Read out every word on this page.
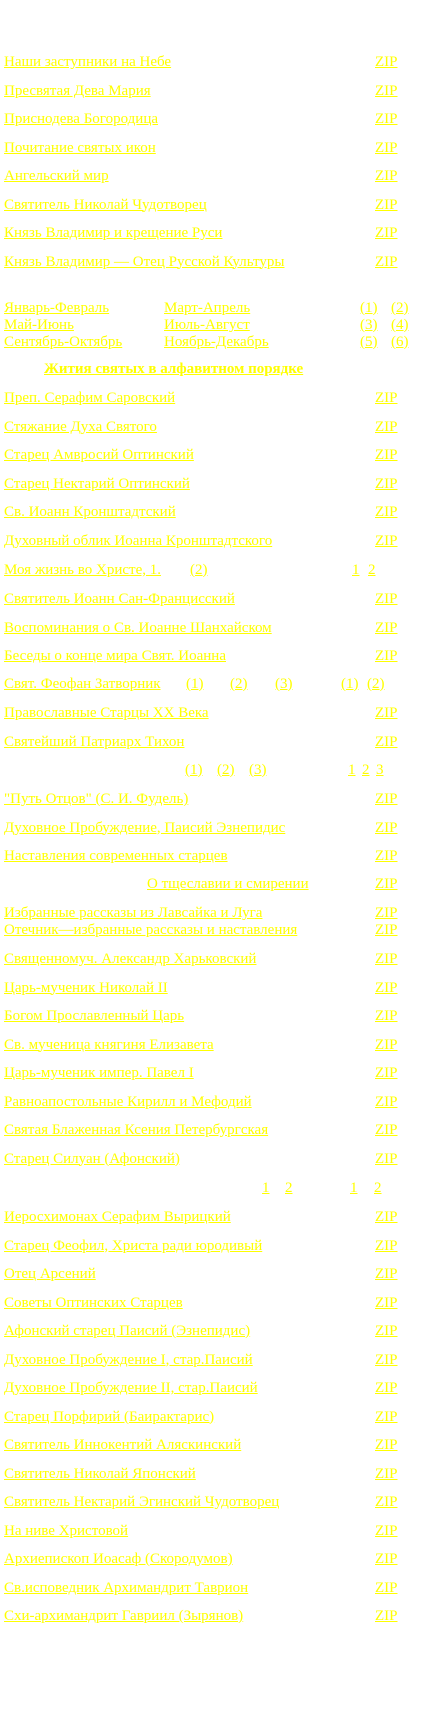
Наши заступники на Небе	ZIP
Пресвятая Дева Мария	ZIP
Приснодева Богородица	ZIP
Почитание святых икон	ZIP
Ангельский мир	ZIP
Святитель Николай Чудотворец	ZIP
Князь Владимир и крещение Руси	ZIP
Князь Владимир — Отец Русской Культуры	ZIP
Январь-Февраль	Март-Апрель	(1) (2)
Май-Июнь	Июль-Август	(3) (4)
Сентябрь-Октябрь	Ноябрь-Декабрь	(5) (6)
Жития святых в алфавитном порядке
Преп. Серафим Саровский	ZIP
Стяжание Духа Святого	ZIP
Старец Амвросий Оптинский	ZIP
Старец Нектарий Оптинский	ZIP
Св. Иоанн Кронштадтский	ZIP
Духовный облик Иоанна Кронштадтского	ZIP
Моя жизнь во Христе, 1. (2)	1 2
Святитель Иоанн Сан-Францисский	ZIP
Воспоминания о Св. Иоанне Шанхайском	ZIP
Беседы о конце мира Свят. Иоанна	ZIP
Свят. Феофан Затворник (1) (2) (3)	(1) (2)
Православные Старцы XX Века	ZIP
Святейший Патриарх Тихон	ZIP
(1) (2) (3)	1 2 3
"Путь Отцов" (С. И. Фудель)	ZIP
Духовное Пробуждение, Паисий Эзнепидис	ZIP
Наставления современных старцев	ZIP
О тщеславии и смирении	ZIP
Избранные рассказы из Лавсайка и Луга	ZIP
Отечник—избранные рассказы и наставления	ZIP
Священномуч. Александр Харьковский	ZIP
Царь-мученик Николай II	ZIP
Богом Прославленный Царь	ZIP
Св. мученица княгиня Елизавета	ZIP
Царь-мученик импер. Павел I	ZIP
Равноапостольные Кирилл и Мефодий	ZIP
Святая Блаженная Ксения Петербургская	ZIP
Старец Силуан (Афонский)	ZIP
1 2	1 2
Иеросхимонах Серафим Вырицкий	ZIP
Старец Феофил, Христа ради юродивый	ZIP
Отец Арсений	ZIP
Советы Оптинских Старцев	ZIP
Афонский старец Паисий (Эзнепидис)	ZIP
Духовное Пробуждение I, стар.Паисий	ZIP
Духовное Пробуждение II, стар.Паисий	ZIP
Старец Порфирий (Баирактарис)	ZIP
Святитель Иннокентий Аляскинский	ZIP
Святитель Николай Японский	ZIP
Святитель Нектарий Эгинский Чудотворец	ZIP
На ниве Христовой	ZIP
Архиепископ Иоасаф (Скородумов)	ZIP
Св.исповедник Архимандрит Таврион	ZIP
Схи-архимандрит Гавриил (Зырянов)	ZIP
